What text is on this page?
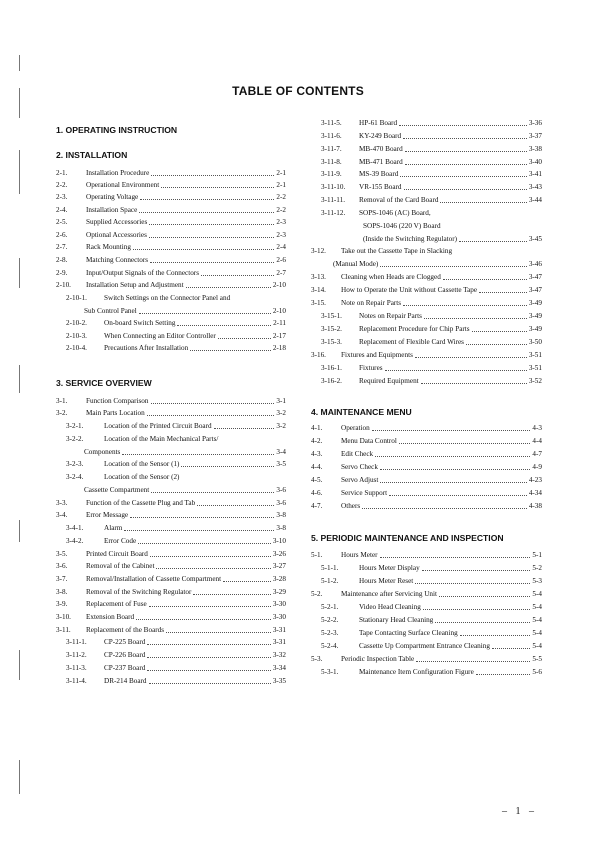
TABLE OF CONTENTS
1. OPERATING INSTRUCTION
2. INSTALLATION
2-1.	Installation Procedure	2-1
2-2.	Operational Environment	2-1
2-3.	Operating Voltage	2-2
2-4.	Installation Space	2-2
2-5.	Supplied Accessories	2-3
2-6.	Optional Accessories	2-3
2-7.	Rack Mounting	2-4
2-8.	Matching Connectors	2-6
2-9.	Input/Output Signals of the Connectors	2-7
2-10.	Installation Setup and Adjustment	2-10
2-10-1.	Switch Settings on the Connector Panel and
Sub Control Panel	2-10
2-10-2.	On-board Switch Setting	2-11
2-10-3.	When Connecting an Editor Controller	2-17
2-10-4.	Precautions After Installation	2-18
3. SERVICE OVERVIEW
3-1.	Function Comparison	3-1
3-2.	Main Parts Location	3-2
3-2-1.	Location of the Printed Circuit Board	3-2
3-2-2.	Location of the Main Mechanical Parts/
Components	3-4
3-2-3.	Location of the Sensor (1)	3-5
3-2-4.	Location of the Sensor (2)
Cassette Compartment	3-6
3-3.	Function of the Cassette Plug and Tab	3-6
3-4.	Error Message	3-8
3-4-1.	Alarm	3-8
3-4-2.	Error Code	3-10
3-5.	Printed Circuit Board	3-26
3-6.	Removal of the Cabinet	3-27
3-7.	Removal/Installation of Cassette Compartment	3-28
3-8.	Removal of the Switching Regulator	3-29
3-9.	Replacement of Fuse	3-30
3-10.	Extension Board	3-30
3-11.	Replacement of the Boards	3-31
3-11-1.	CP-225 Board	3-31
3-11-2.	CP-226 Board	3-32
3-11-3.	CP-237 Board	3-34
3-11-4.	DR-214 Board	3-35
3-11-5.	HP-61 Board	3-36
3-11-6.	KY-249 Board	3-37
3-11-7.	MB-470 Board	3-38
3-11-8.	MB-471 Board	3-40
3-11-9.	MS-39 Board	3-41
3-11-10.	VR-155 Board	3-43
3-11-11.	Removal of the Card Board	3-44
3-11-12.	SOPS-1046 (AC) Board,
SOPS-1046 (220 V) Board
(Inside the Switching Regulator)	3-45
3-12.	Take out the Cassette Tape in Slacking
(Manual Mode)	3-46
3-13.	Cleaning when Heads are Clogged	3-47
3-14.	How to Operate the Unit without Cassette Tape	3-47
3-15.	Note on Repair Parts	3-49
3-15-1.	Notes on Repair Parts	3-49
3-15-2.	Replacement Procedure for Chip Parts	3-49
3-15-3.	Replacement of Flexible Card Wires	3-50
3-16.	Fixtures and Equipments	3-51
3-16-1.	Fixtures	3-51
3-16-2.	Required Equipment	3-52
4. MAINTENANCE MENU
4-1.	Operation	4-3
4-2.	Menu Data Control	4-4
4-3.	Edit Check	4-7
4-4.	Servo Check	4-9
4-5.	Servo Adjust	4-23
4-6.	Service Support	4-34
4-7.	Others	4-38
5. PERIODIC MAINTENANCE AND INSPECTION
5-1.	Hours Meter	5-1
5-1-1.	Hours Meter Display	5-2
5-1-2.	Hours Meter Reset	5-3
5-2.	Maintenance after Servicing Unit	5-4
5-2-1.	Video Head Cleaning	5-4
5-2-2.	Stationary Head Cleaning	5-4
5-2-3.	Tape Contacting Surface Cleaning	5-4
5-2-4.	Cassette Up Compartment Entrance Cleaning	5-4
5-3.	Periodic Inspection Table	5-5
5-3-1.	Maintenance Item Configuration Figure	5-6
– 1 –
